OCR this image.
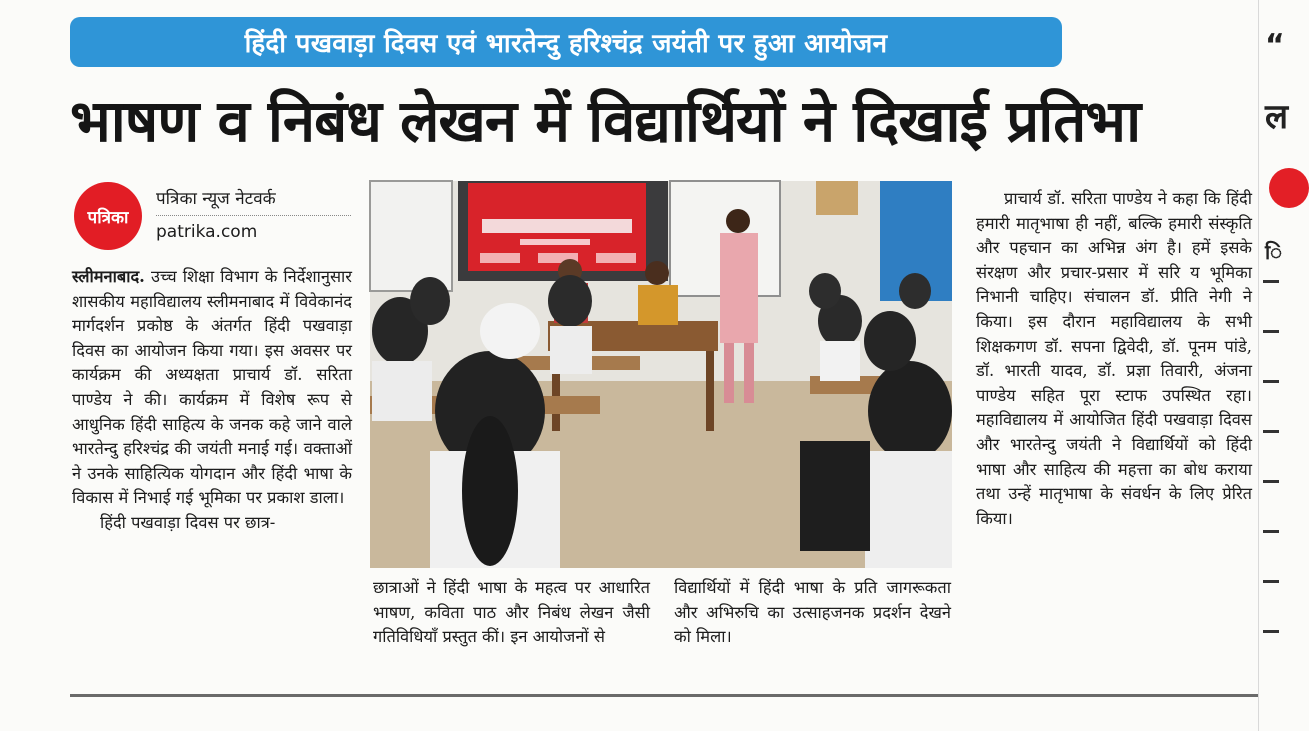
हिंदी पखवाड़ा दिवस एवं भारतेन्दु हरिश्चंद्र जयंती पर हुआ आयोजन
भाषण व निबंध लेखन में विद्यार्थियों ने दिखाई प्रतिभा
“
ल
ि
पत्रिका
पत्रिका न्यूज नेटवर्क
patrika.com

स्लीमनाबाद. उच्च शिक्षा विभाग के निर्देशानुसार शासकीय महाविद्यालय स्लीमनाबाद में विवेकानंद मार्गदर्शन प्रकोष्ठ के अंतर्गत हिंदी पखवाड़ा दिवस का आयोजन किया गया। इस अवसर पर कार्यक्रम की अध्यक्षता प्राचार्य डॉ. सरिता पाण्डेय ने की। कार्यक्रम में विशेष रूप से आधुनिक हिंदी साहित्य के जनक कहे जाने वाले भारतेन्दु हरिश्चंद्र की जयंती मनाई गई। वक्ताओं ने उनके साहित्यिक योगदान और हिंदी भाषा के विकास में निभाई गई भूमिका पर प्रकाश डाला।

हिंदी पखवाड़ा दिवस पर छात्र-

छात्राओं ने हिंदी भाषा के महत्व पर आधारित भाषण, कविता पाठ और निबंध लेखन जैसी गतिविधियाँ प्रस्तुत कीं। इन आयोजनों से

विद्यार्थियों में हिंदी भाषा के प्रति जागरूकता और अभिरुचि का उत्साहजनक प्रदर्शन देखने को मिला।

प्राचार्य डॉ. सरिता पाण्डेय ने कहा कि हिंदी हमारी मातृभाषा ही नहीं, बल्कि हमारी संस्कृति और पहचान का अभिन्न अंग है। हमें इसके संरक्षण और प्रचार-प्रसार में सरि य भूमिका निभानी चाहिए। संचालन डॉ. प्रीति नेगी ने किया। इस दौरान महाविद्यालय के सभी शिक्षकगण डॉ. सपना द्विवेदी, डॉ. पूनम पांडे, डॉ. भारती यादव, डॉ. प्रज्ञा तिवारी, अंजना पाण्डेय सहित पूरा स्टाफ उपस्थित रहा। महाविद्यालय में आयोजित हिंदी पखवाड़ा दिवस और भारतेन्दु जयंती ने विद्यार्थियों को हिंदी भाषा और साहित्य की महत्ता का बोध कराया तथा उन्हें मातृभाषा के संवर्धन के लिए प्रेरित किया।
